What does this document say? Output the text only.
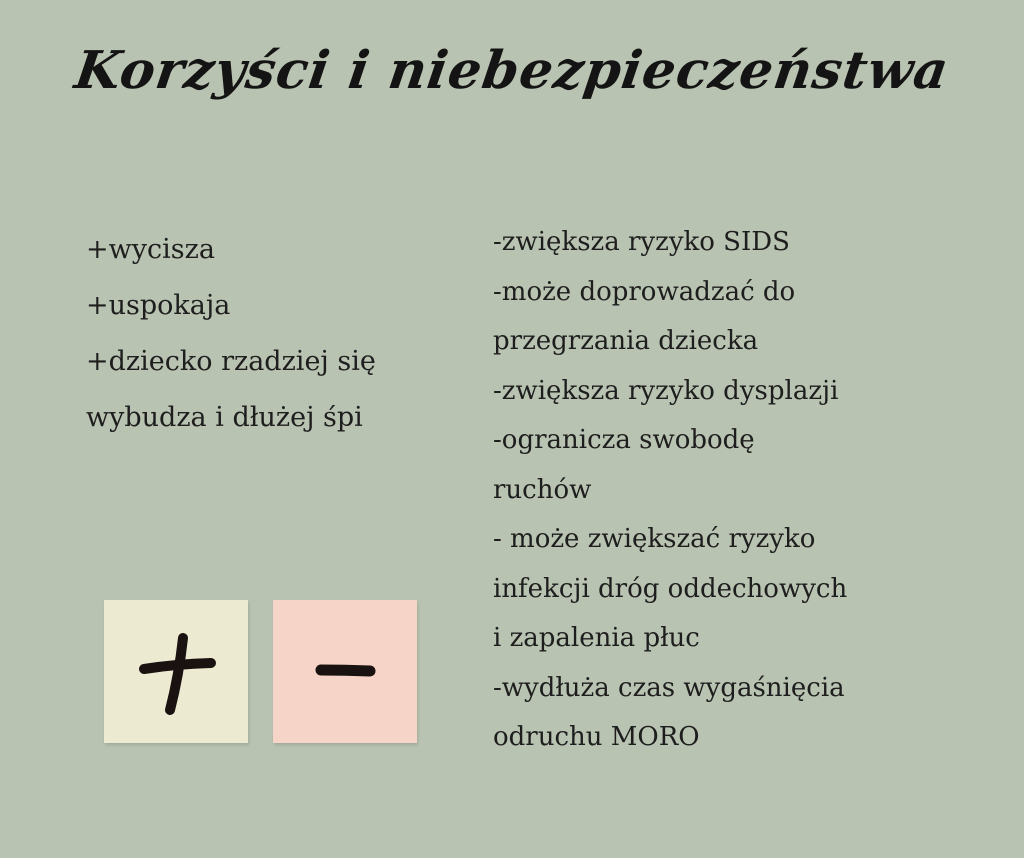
Korzyści i niebezpieczeństwa
+wycisza
+uspokaja
+dziecko rzadziej się
wybudza i dłużej śpi
-zwiększa ryzyko SIDS
-może doprowadzać do
przegrzania dziecka
-zwiększa ryzyko dysplazji
-ogranicza swobodę
ruchów
- może zwiększać ryzyko
infekcji dróg oddechowych
i zapalenia płuc
-wydłuża czas wygaśnięcia
odruchu MORO
